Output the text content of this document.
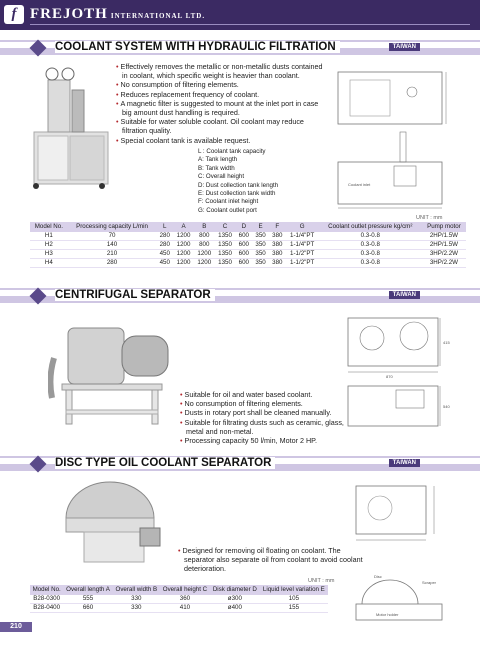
f FREJOTH INTERNATIONAL LTD.
COOLANT SYSTEM WITH HYDRAULIC FILTRATION	TAIWAN
• Effectively removes the metallic or non-metallic dusts contained in coolant, which specific weight is heavier than coolant.
• No consumption of filtering elements.
• Reduces replacement frequency of coolant.
• A magnetic filter is suggested to mount at the inlet port in case big amount dust handling is required.
• Suitable for water soluble coolant. Oil coolant may reduce filtration quality.
• Special coolant tank is available request.
L : Coolant tank capacity
A: Tank length
B: Tank width
C: Overall height
D: Dust collection tank length
E: Dust collection tank width
F: Coolant inlet height
G: Coolant outlet port
Coolant inlet
UNIT : mm
Model No.	Processing capacity L/min	L	A	B	C	D	E	F	G	Coolant outlet pressure kg/cm²	Pump motor
H1	70	280	1200	800	1350	600	350	380	1-1/4"PT	0.3-0.8	2HP/1.5W
H2	140	280	1200	800	1350	600	350	380	1-1/4"PT	0.3-0.8	2HP/1.5W
H3	210	450	1200	1200	1350	600	350	380	1-1/2"PT	0.3-0.8	3HP/2.2W
H4	280	450	1200	1200	1350	600	350	380	1-1/2"PT	0.3-0.8	3HP/2.2W
CENTRIFUGAL SEPARATOR	TAIWAN
415
870
540
• Suitable for oil and water based coolant.
• No consumption of filtering elements.
• Dusts in rotary port shall be cleaned manually.
• Suitable for filtrating dusts such as ceramic, glass, metal and non-metal.
• Processing capacity 50 l/min, Motor 2 HP.
DISC TYPE OIL COOLANT SEPARATOR	TAIWAN
• Designed for removing oil floating on coolant. The separator also separate oil from coolant to avoid coolant deterioration.
Disc
Scraper
Motor holder
UNIT : mm
Model No.	Overall length A	Overall width B	Overall height C	Disk diameter D	Liquid level variation E
B28-0300	555	330	360	ø300	105
B28-0400	660	330	410	ø400	155
210
